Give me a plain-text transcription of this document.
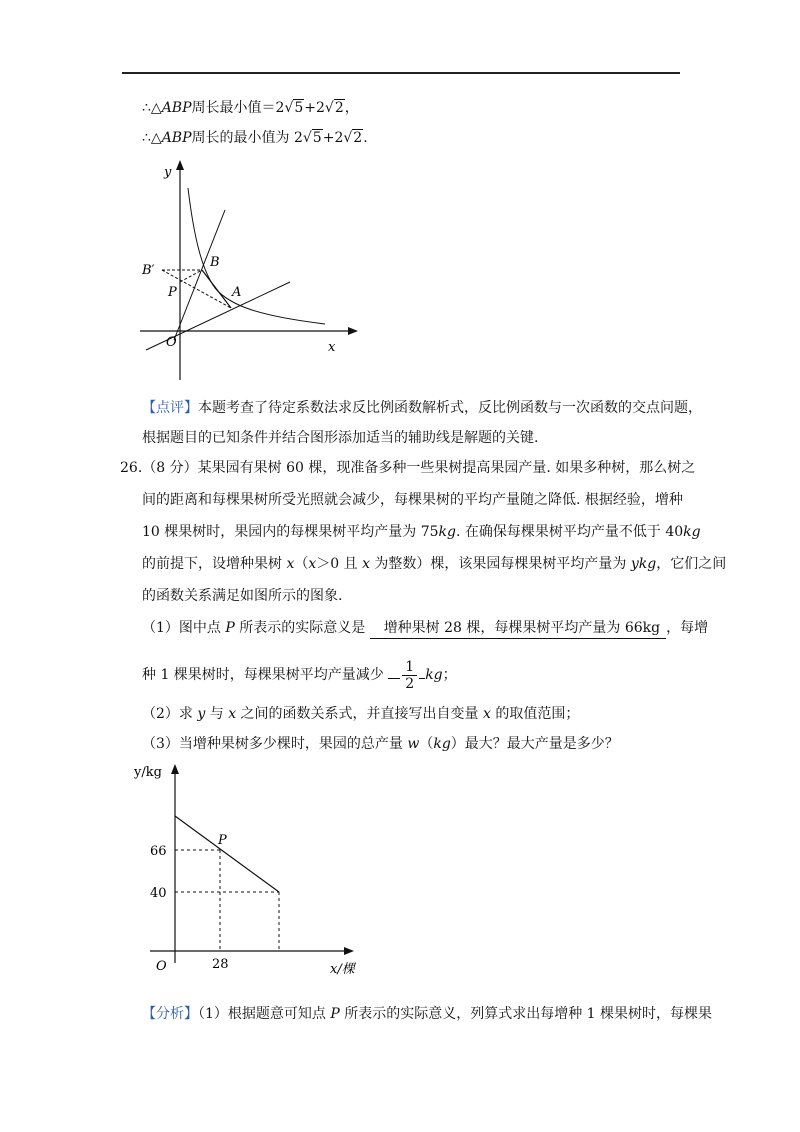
∴△ABP周长最小值＝2√5+2√2，
∴△ABP周长的最小值为 2√5+2√2.
y
x
O
B′
B
P	A
【点评】本题考查了待定系数法求反比例函数解析式，反比例函数与一次函数的交点问题，
根据题目的已知条件并结合图形添加适当的辅助线是解题的关键.
26.（8 分）某果园有果树 60 棵，现准备多种一些果树提高果园产量. 如果多种树，那么树之
间的距离和每棵果树所受光照就会减少，每棵果树的平均产量随之降低. 根据经验，增种
10 棵果树时，果园内的每棵果树平均产量为 75kg. 在确保每棵果树平均产量不低于 40kg
的前提下，设增种果树 x（x＞0 且 x 为整数）棵，该果园每棵果树平均产量为 ykg，它们之间
的函数关系满足如图所示的图象.
（1）图中点 P 所表示的实际意义是 增种果树 28 棵，每棵果树平均产量为 66kg ，每增
种 1 棵果树时，每棵果树平均产量减少 $\frac{1}{2}$ kg；
（2）求 y 与 x 之间的函数关系式，并直接写出自变量 x 的取值范围；
（3）当增种果树多少棵时，果园的总产量 w（kg）最大？最大产量是多少？
y/kg
x/棵
O
P
66
40
28
【分析】（1）根据题意可知点 P 所表示的实际意义，列算式求出每增种 1 棵果树时，每棵果
